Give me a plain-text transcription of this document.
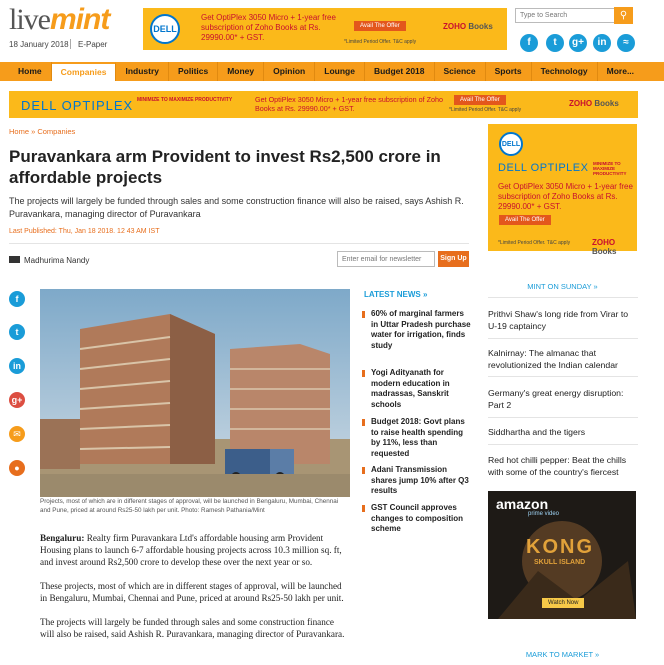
livemint
18 January 2018 E-Paper
DELL
Get OptiPlex 3050 Micro + 1-year free subscription of Zoho Books at Rs. 29990.00* + GST.
Avail The Offer
*Limited Period Offer. T&C apply
ZOHO Books
Type to Search	⚲
f	t	g+	in	≈
Home	Companies	Industry	Politics	Money	Opinion	Lounge	Budget 2018	Science	Sports	Technology	More...
DELL OPTIPLEX MINIMIZE TO MAXIMIZE PRODUCTIVITY	Get OptiPlex 3050 Micro + 1-year free subscription of Zoho Books at Rs. 29990.00* + GST.
Avail The Offer
*Limited Period Offer. T&C apply
ZOHO Books
Home » Companies
Puravankara arm Provident to invest Rs2,500 crore in affordable projects
The projects will largely be funded through sales and some construction finance will also be raised, says Ashish R. Puravankara, managing director of Puravankara
Last Published: Thu, Jan 18 2018. 12 43 AM IST
Madhurima Nandy	Enter email for newsletter	Sign Up
f
t
in
g+
✉
●
Projects, most of which are in different stages of approval, will be launched in Bengaluru, Mumbai, Chennai and Pune, priced at around Rs25-50 lakh per unit. Photo: Ramesh Pathania/Mint

Bengaluru: Realty firm Puravankara Ltd's affordable housing arm Provident Housing plans to launch 6-7 affordable housing projects across 10.3 million sq. ft, and invest around Rs2,500 crore to develop these over the next year or so.

These projects, most of which are in different stages of approval, will be launched in Bengaluru, Mumbai, Chennai and Pune, priced at around Rs25-50 lakh per unit.

The projects will largely be funded through sales and some construction finance will also be raised, said Ashish R. Puravankara, managing director of Puravankara.

LATEST NEWS »
60% of marginal farmers in Uttar Pradesh purchase water for irrigation, finds study
Yogi Adityanath for modern education in madrassas, Sanskrit schools
Budget 2018: Govt plans to raise health spending by 11%, less than requested
Adani Transmission shares jump 10% after Q3 results
GST Council approves changes to composition scheme
DELL
DELL OPTIPLEX MINIMIZE TO MAXIMIZE PRODUCTIVITY
Get OptiPlex 3050 Micro + 1-year free subscription of Zoho Books at Rs. 29990.00* + GST.
Avail The Offer
*Limited Period Offer. T&C apply	ZOHO Books
MINT ON SUNDAY »
Prithvi Shaw's long ride from Virar to U-19 captaincy
Kalnirnay: The almanac that revolutionized the Indian calendar
Germany's great energy disruption: Part 2
Siddhartha and the tigers
Red hot chilli pepper: Beat the chills with some of the country's fiercest
amazon
prime video
KONG
SKULL ISLAND
Watch Now
MARK TO MARKET »
